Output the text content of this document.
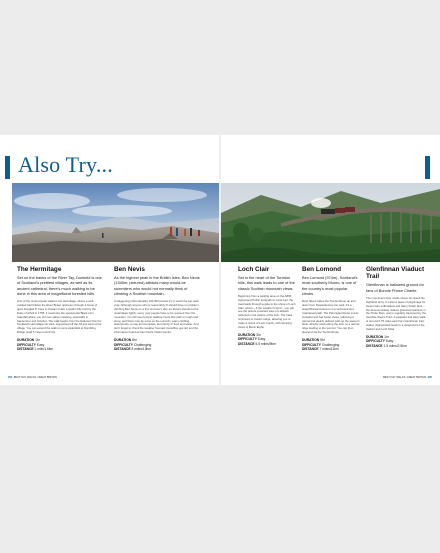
Also Try...
The Hermitage

Set on the banks of the River Tay, Dunkeld is one of Scotland's prettiest villages, as well as its ancient cathedral, there's much walking to be done in this area of magnificent forested hills.

One of the most popular walks is the Hermitage, where a well-marked trail follows the River Braan upstream through a forest of giant Douglas fir trees to Ossian's Hall, a quaint folly built by the Duke of Atholl in 1758. It overlooks the spectacular Black Linn waterfall where you can see salmon leaping, especially in September and October. The walk begins from the National Trust for Scotland's Hermitage car park, signposted off the A9 just west of the village. You can extend the walk to some waterfalls at Rumbling Bridge (total 5 miles round trip).

DURATION 1hr
DIFFICULTY Easy
DISTANCE 1 mile/1.6km
Ben Nevis

As the highest peak in the British Isles, Ben Nevis (1345m; pictured) attracts many would-be summiters who would not normally think of climbing a Scottish mountain.

A staggering (often literally) 100,000 people try to reach the top each year. Although anyone who is reasonably fit should have no problem climbing Ben Nevis on a fine summer's day, an ascent should not be undertaken lightly; every year people have to be rescued from the mountain. You will need proper walking boots (the path is rough and stony, and there may be snow on the summit), warm clothing, waterproofs, a map and compass, and plenty of food and water. And don't forget to check the weather forecast (metoffice.gov.uk) and the information board at Glen Nevis Visitor Centre.

DURATION 8hr
DIFFICULTY Challenging
DISTANCE 8 miles/13km
Loch Clair

Set in the heart of the Torridon hills, this walk leads to one of the classic Scottish mountain views.

Beginning from a parking area on the A896 signposted Public Footpath to Coire Lair, the road leads through a gate to the shore of Loch Clair, where – if the weather is kind – you will see the picture-postcard view of Liathach reflected in the waters of the loch. The track continues to Coulin Lodge, allowing you to make a circuit of Loch Coulin, with stunning views of Beinn Eighe.

DURATION 3hr
DIFFICULTY Easy
DISTANCE 5.5 miles/9km
Ben Lomond

Ben Lomond (974m), Scotland's most southerly Munro, is one of the country's most popular climbs.

Most hikers follow the Tourist Route up and down from Rowardennan car park. It's a straightforward ascent on a well-used and maintained path. The Ptarmigan Route is less crowded and has better views, following a narrow but clearly defined path up the western flank, directly overlooking the loch, to a narrow ridge leading to the summit. You can then descend via the Tourist Route.

DURATION 5hr
DIFFICULTY Challenging
DISTANCE 7 miles/11km
Glenfinnan Viaduct Trail

Glenfinnan is hallowed ground for fans of Bonnie Prince Charlie.

The monument here marks where he raised his Highland army. It's also a place of pilgrimage for steam train enthusiasts and Harry Potter fans – the famous railway viaduct (pictured) features in the Potter films, and is regularly traversed by the Jacobite Steam Train. A pleasant and easy walk of around 0.75 miles east from Glenfinnan train station (signposted) leads to a viewpoint for the viaduct and Loch Shiel.

DURATION 1hr
DIFFICULTY Easy
DISTANCE 1.5 miles/2.5km
204  BEST DAY WALKS: GREAT BRITAIN	BEST DAY WALKS: GREAT BRITAIN  205
